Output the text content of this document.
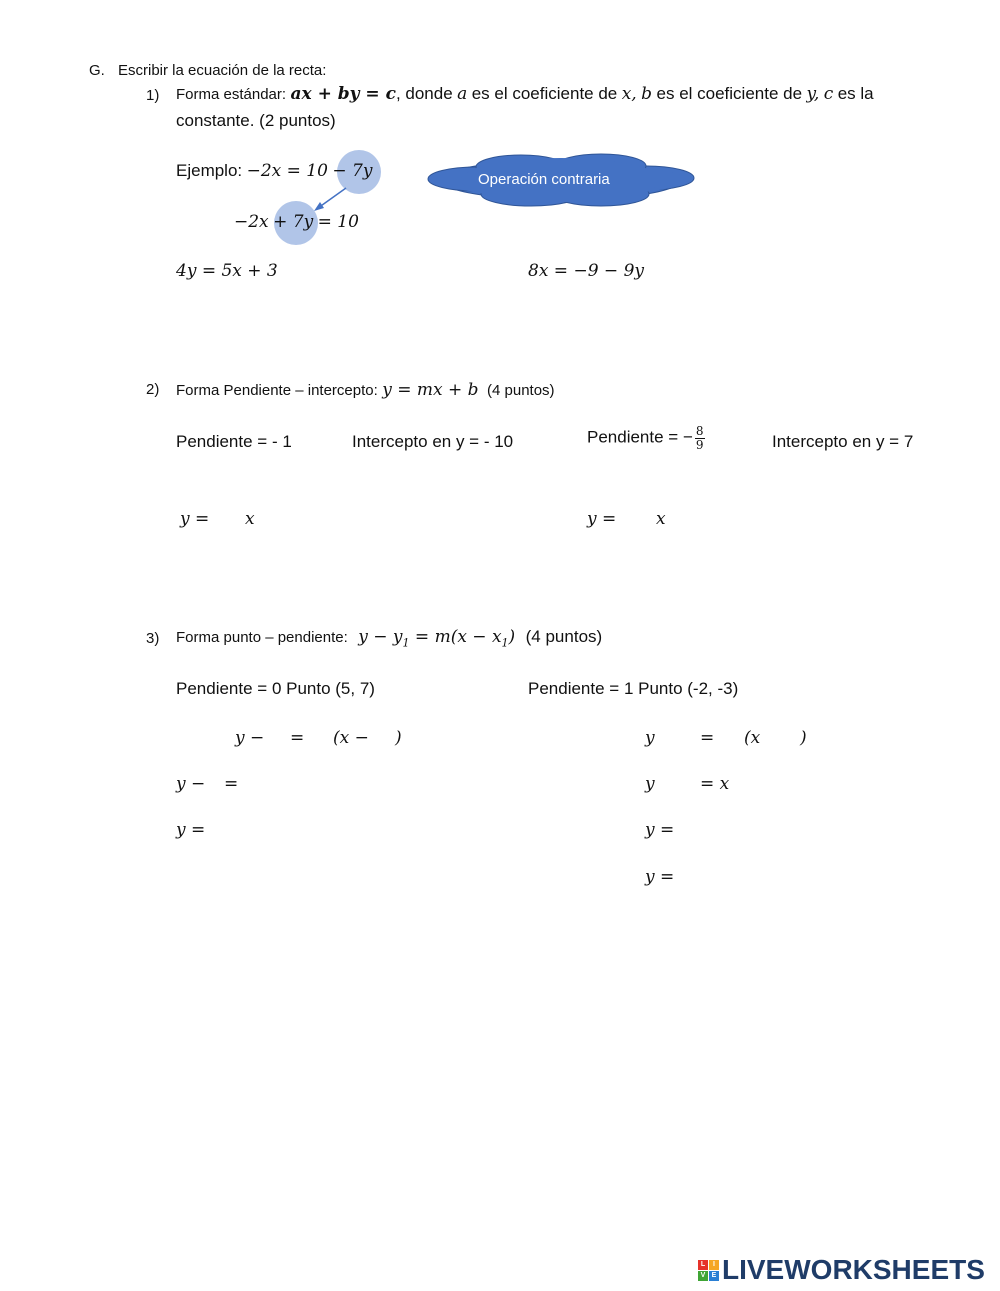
G. Escribir la ecuación de la recta:
1) Forma estándar: ax + by = c, donde a es el coeficiente de x, b es el coeficiente de y, c es la
constante. (2 puntos)
Ejemplo: −2x = 10 − 7y
−2x + 7y = 10
Operación contraria
4y = 5x + 3	8x = −9 − 9y
2) Forma Pendiente – intercepto: y = mx + b (4 puntos)
Pendiente = - 1	Intercepto en y = - 10	Pendiente = − $\frac{8}{9}$	Intercepto en y = 7
y = x	y = x
3) Forma punto – pendiente: $y - y_1 = m(x - x_1)$ (4 puntos)
Pendiente = 0 Punto (5, 7)
y − = (x − )
y − =
y =
Pendiente = 1 Punto (-2, -3)
y	= (x )
y	= x
y =
y =
L	I
V E LIVEWORKSHEETS
